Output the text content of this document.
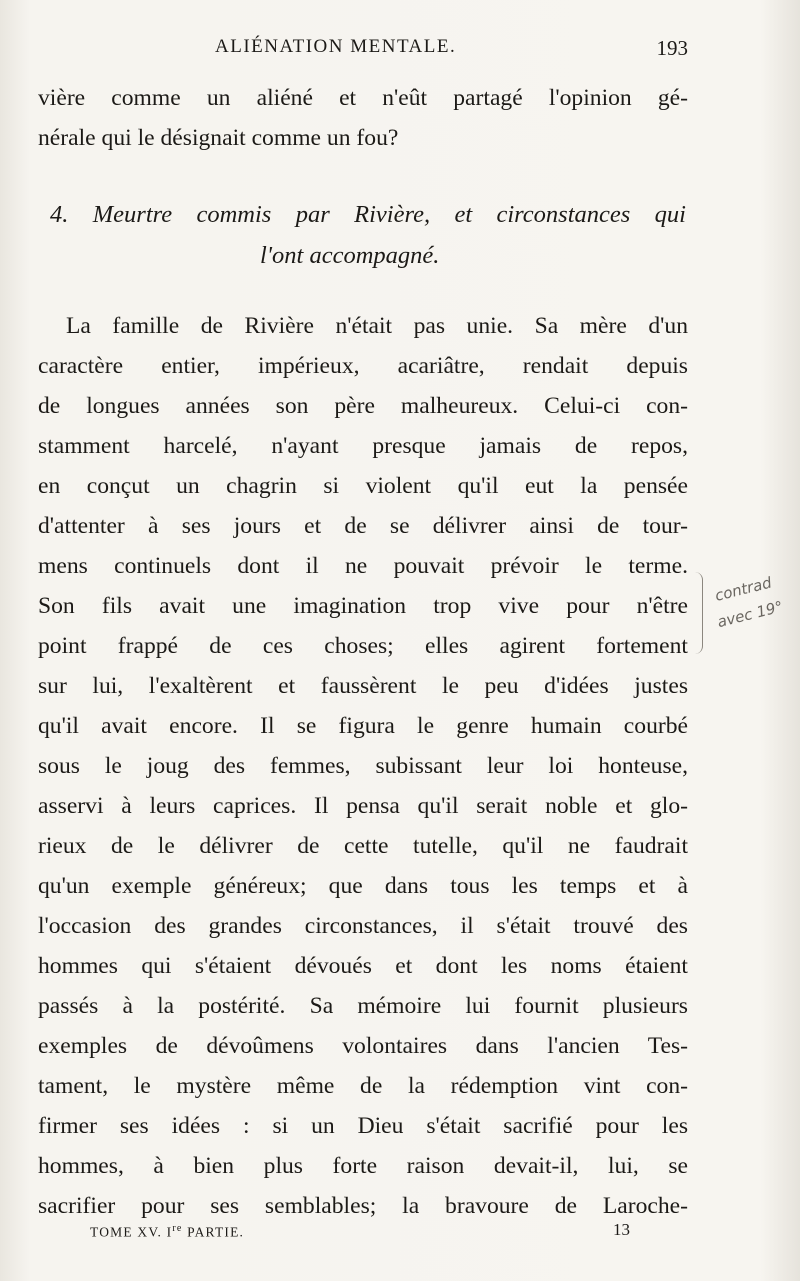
ALIÉNATION MENTALE.	193
vière comme un aliéné et n'eût partagé l'opinion gé-
nérale qui le désignait comme un fou?
4. Meurtre commis par Rivière, et circonstances qui
l'ont accompagné.
La famille de Rivière n'était pas unie. Sa mère d'un
caractère entier, impérieux, acariâtre, rendait depuis
de longues années son père malheureux. Celui-ci con-
stamment harcelé, n'ayant presque jamais de repos,
en conçut un chagrin si violent qu'il eut la pensée
d'attenter à ses jours et de se délivrer ainsi de tour-
mens continuels dont il ne pouvait prévoir le terme.
Son fils avait une imagination trop vive pour n'être
point frappé de ces choses; elles agirent fortement
sur lui, l'exaltèrent et faussèrent le peu d'idées justes
qu'il avait encore. Il se figura le genre humain courbé
sous le joug des femmes, subissant leur loi honteuse,
asservi à leurs caprices. Il pensa qu'il serait noble et glo-
rieux de le délivrer de cette tutelle, qu'il ne faudrait
qu'un exemple généreux; que dans tous les temps et à
l'occasion des grandes circonstances, il s'était trouvé des
hommes qui s'étaient dévoués et dont les noms étaient
passés à la postérité. Sa mémoire lui fournit plusieurs
exemples de dévoûmens volontaires dans l'ancien Tes-
tament, le mystère même de la rédemption vint con-
firmer ses idées : si un Dieu s'était sacrifié pour les
hommes, à bien plus forte raison devait-il, lui, se
sacrifier pour ses semblables; la bravoure de Laroche-
contrad
avec 19°
TOME XV. Ire PARTIE.	13
